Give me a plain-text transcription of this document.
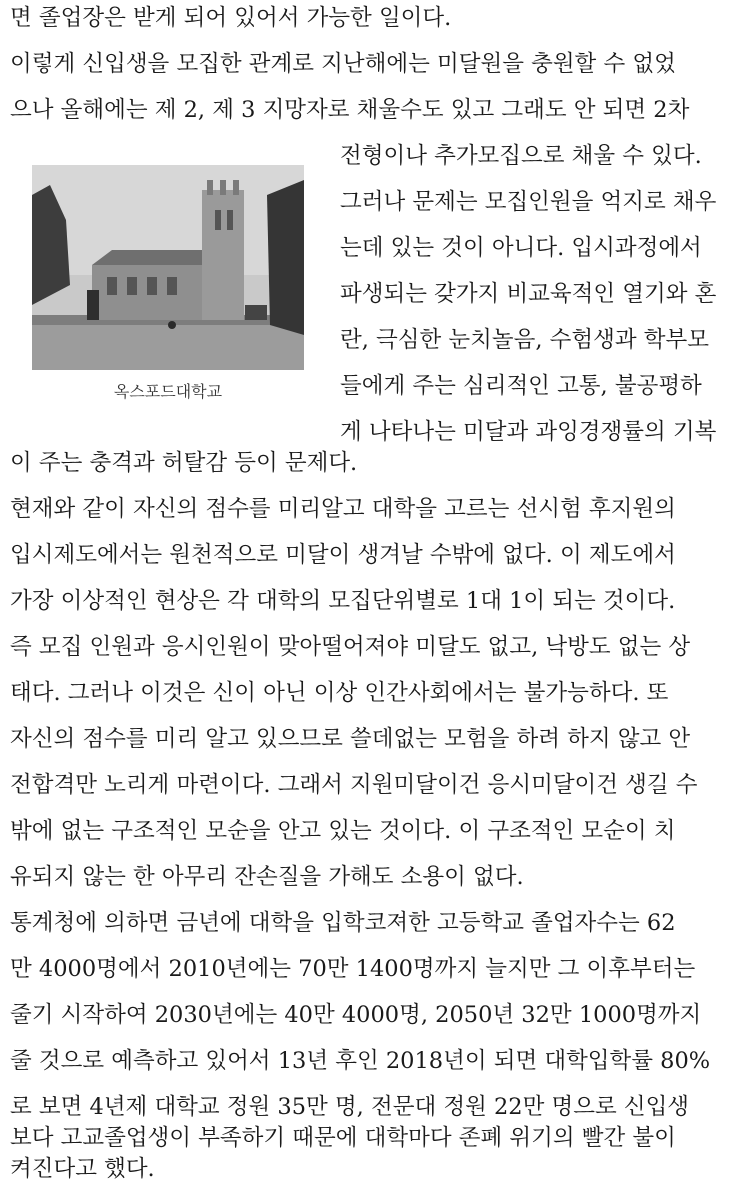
면 졸업장은 받게 되어 있어서 가능한 일이다.
이렇게 신입생을 모집한 관계로 지난해에는 미달원을 충원할 수 없었
으나 올해에는 제 2, 제 3 지망자로 채울수도 있고 그래도 안 되면 2차
전형이나 추가모집으로 채울 수 있다.
그러나 문제는 모집인원을 억지로 채우
는데 있는 것이 아니다. 입시과정에서
파생되는 갖가지 비교육적인 열기와 혼
란, 극심한 눈치놀음, 수험생과 학부모
들에게 주는 심리적인 고통, 불공평하
게 나타나는 미달과 과잉경쟁률의 기복
이 주는 충격과 허탈감 등이 문제다.
현재와 같이 자신의 점수를 미리알고 대학을 고르는 선시험 후지원의
입시제도에서는 원천적으로 미달이 생겨날 수밖에 없다. 이 제도에서
가장 이상적인 현상은 각 대학의 모집단위별로 1대 1이 되는 것이다.
즉 모집 인원과 응시인원이 맞아떨어져야 미달도 없고, 낙방도 없는 상
태다. 그러나 이것은 신이 아닌 이상 인간사회에서는 불가능하다. 또
자신의 점수를 미리 알고 있으므로 쓸데없는 모험을 하려 하지 않고 안
전합격만 노리게 마련이다. 그래서 지원미달이건 응시미달이건 생길 수
밖에 없는 구조적인 모순을 안고 있는 것이다. 이 구조적인 모순이 치
유되지 않는 한 아무리 잔손질을 가해도 소용이 없다.
통계청에 의하면 금년에 대학을 입학코져한 고등학교 졸업자수는 62
만 4000명에서 2010년에는 70만 1400명까지 늘지만 그 이후부터는
줄기 시작하여 2030년에는 40만 4000명, 2050년 32만 1000명까지
줄 것으로 예측하고 있어서 13년 후인 2018년이 되면 대학입학률 80%
로 보면 4년제 대학교 정원 35만 명, 전문대 정원 22만 명으로 신입생
보다 고교졸업생이 부족하기 때문에 대학마다 존폐 위기의 빨간 불이
켜진다고 했다.
옥스포드대학교
